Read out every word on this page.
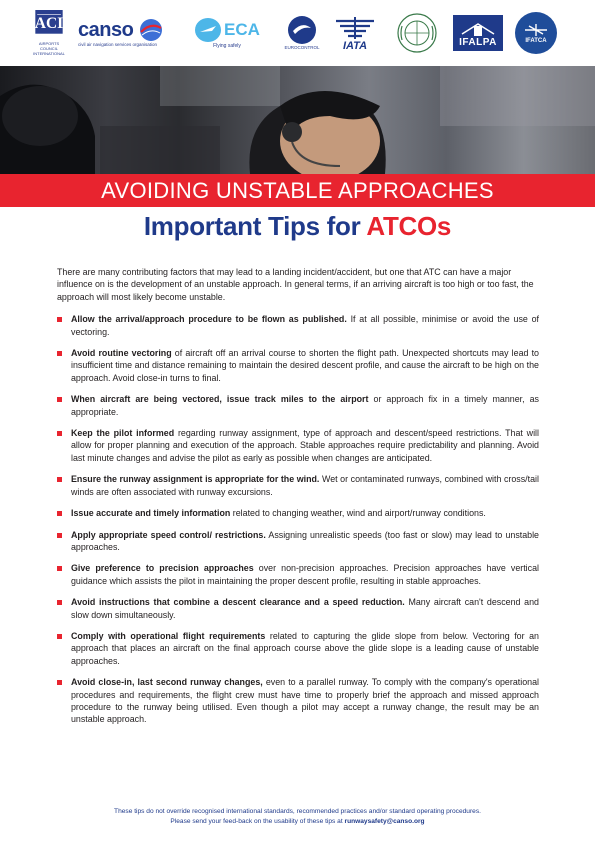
ACI
AIRPORTS COUNCIL INTERNATIONAL
canso
civil air navigation services organisation
ECA
Flying safely	EUROCONTROL IATA	IFALPA	IFATCA
AVOIDING UNSTABLE APPROACHES
Important Tips for ATCOs

There are many contributing factors that may lead to a landing incident/accident, but one that ATC can have a major influence on is the development of an unstable approach. In general terms, if an arriving aircraft is too high or too fast, the approach will most likely become unstable.

Allow the arrival/approach procedure to be flown as published. If at all possible, minimise or avoid the use of vectoring.
Avoid routine vectoring of aircraft off an arrival course to shorten the flight path. Unexpected shortcuts may lead to insufficient time and distance remaining to maintain the desired descent profile, and cause the aircraft to be high on the approach. Avoid close-in turns to final.
When aircraft are being vectored, issue track miles to the airport or approach fix in a timely manner, as appropriate.
Keep the pilot informed regarding runway assignment, type of approach and descent/speed restrictions. That will allow for proper planning and execution of the approach. Stable approaches require predictability and planning. Avoid last minute changes and advise the pilot as early as possible when changes are anticipated.
Ensure the runway assignment is appropriate for the wind. Wet or contaminated runways, combined with cross/tail winds are often associated with runway excursions.
Issue accurate and timely information related to changing weather, wind and airport/runway conditions.
Apply appropriate speed control/ restrictions. Assigning unrealistic speeds (too fast or slow) may lead to unstable approaches.
Give preference to precision approaches over non-precision approaches. Precision approaches have vertical guidance which assists the pilot in maintaining the proper descent profile, resulting in stable approaches.
Avoid instructions that combine a descent clearance and a speed reduction. Many aircraft can't descend and slow down simultaneously.
Comply with operational flight requirements related to capturing the glide slope from below. Vectoring for an approach that places an aircraft on the final approach course above the glide slope is a leading cause of unstable approaches.
Avoid close-in, last second runway changes, even to a parallel runway. To comply with the company's operational procedures and requirements, the flight crew must have time to properly brief the approach and missed approach procedure to the runway being utilised. Even though a pilot may accept a runway change, the result may be an unstable approach.
These tips do not override recognised international standards, recommended practices and/or standard operating procedures.
Please send your feed-back on the usability of these tips at runwaysafety@canso.org
